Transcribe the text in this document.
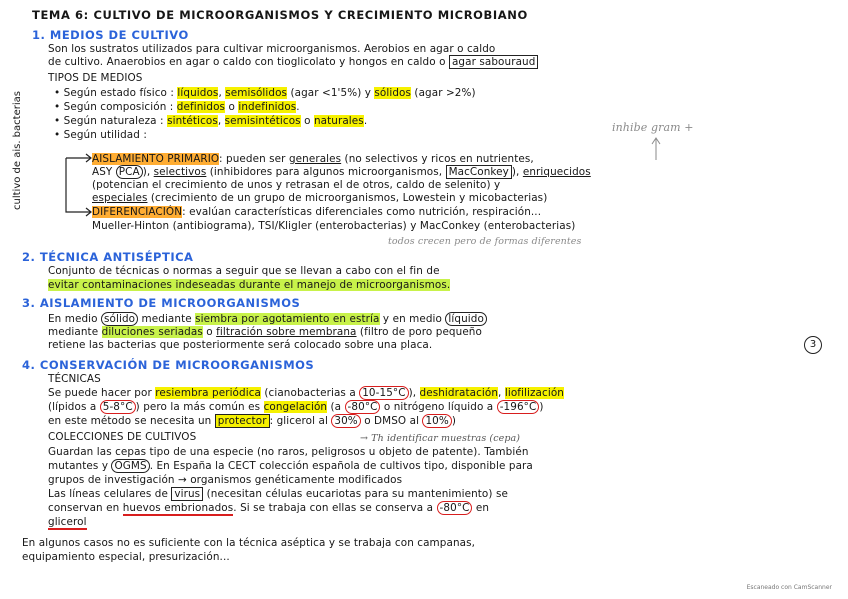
TEMA 6: CULTIVO DE MICROORGANISMOS Y CRECIMIENTO MICROBIANO
1. MEDIOS DE CULTIVO
Son los sustratos utilizados para cultivar microorganismos. Aerobios en agar o caldo
de cultivo. Anaerobios en agar o caldo con tioglicolato y hongos en caldo o agar sabouraud
TIPOS DE MEDIOS
• Según estado físico : líquidos, semisólidos (agar <1'5%) y sólidos (agar >2%)
• Según composición : definidos o indefinidos.
• Según naturaleza : sintéticos, semisintéticos o naturales.	inhibe gram +
• Según utilidad :
cultivo de ais. bacterias	AISLAMIENTO PRIMARIO: pueden ser generales (no selectivos y ricos en nutrientes,
ASY PCA ), selectivos (inhibidores para algunos microorganismos, MacConkey ), enriquecidos
(potencian el crecimiento de unos y retrasan el de otros, caldo de selenito) y
especiales (crecimiento de un grupo de microorganismos, Lowestein y micobacterias)
DIFERENCIACIÓN: evalúan características diferenciales como nutrición, respiración...
Mueller-Hinton (antibiograma), TSI/Kligler (enterobacterias) y MacConkey (enterobacterias)
todos crecen pero de formas diferentes
2. TÉCNICA ANTISÉPTICA
Conjunto de técnicas o normas a seguir que se llevan a cabo con el fin de
evitar contaminaciones indeseadas durante el manejo de microorganismos.
3. AISLAMIENTO DE MICROORGANISMOS
En medio sólido mediante siembra por agotamiento en estría y en medio líquido
mediante diluciones seriadas o filtración sobre membrana (filtro de poro pequeño
retiene las bacterias que posteriormente será colocado sobre una placa.	3
4. CONSERVACIÓN DE MICROORGANISMOS
TÉCNICAS
Se puede hacer por resiembra periódica (cianobacterias a 10-15°C ), deshidratación, liofilización
(lípidos a 5-8°C ) pero la más común es congelación (a -80°C o nitrógeno líquido a -196°C )
en este método se necesita un protector : glicerol al 30% o DMSO al 10% )
COLECCIONES DE CULTIVOS	→ Th identificar muestras (cepa)
Guardan las cepas tipo de una especie (no raros, peligrosos u objeto de patente). También
mutantes y OGMS . En España la CECT colección española de cultivos tipo, disponible para
grupos de investigación → organismos genéticamente modificados
Las líneas celulares de virus (necesitan células eucariotas para su mantenimiento) se
conservan en huevos embrionados. Si se trabaja con ellas se conserva a -80°C en
glicerol
En algunos casos no es suficiente con la técnica aséptica y se trabaja con campanas,
equipamiento especial, presurización...
Escaneado con CamScanner
